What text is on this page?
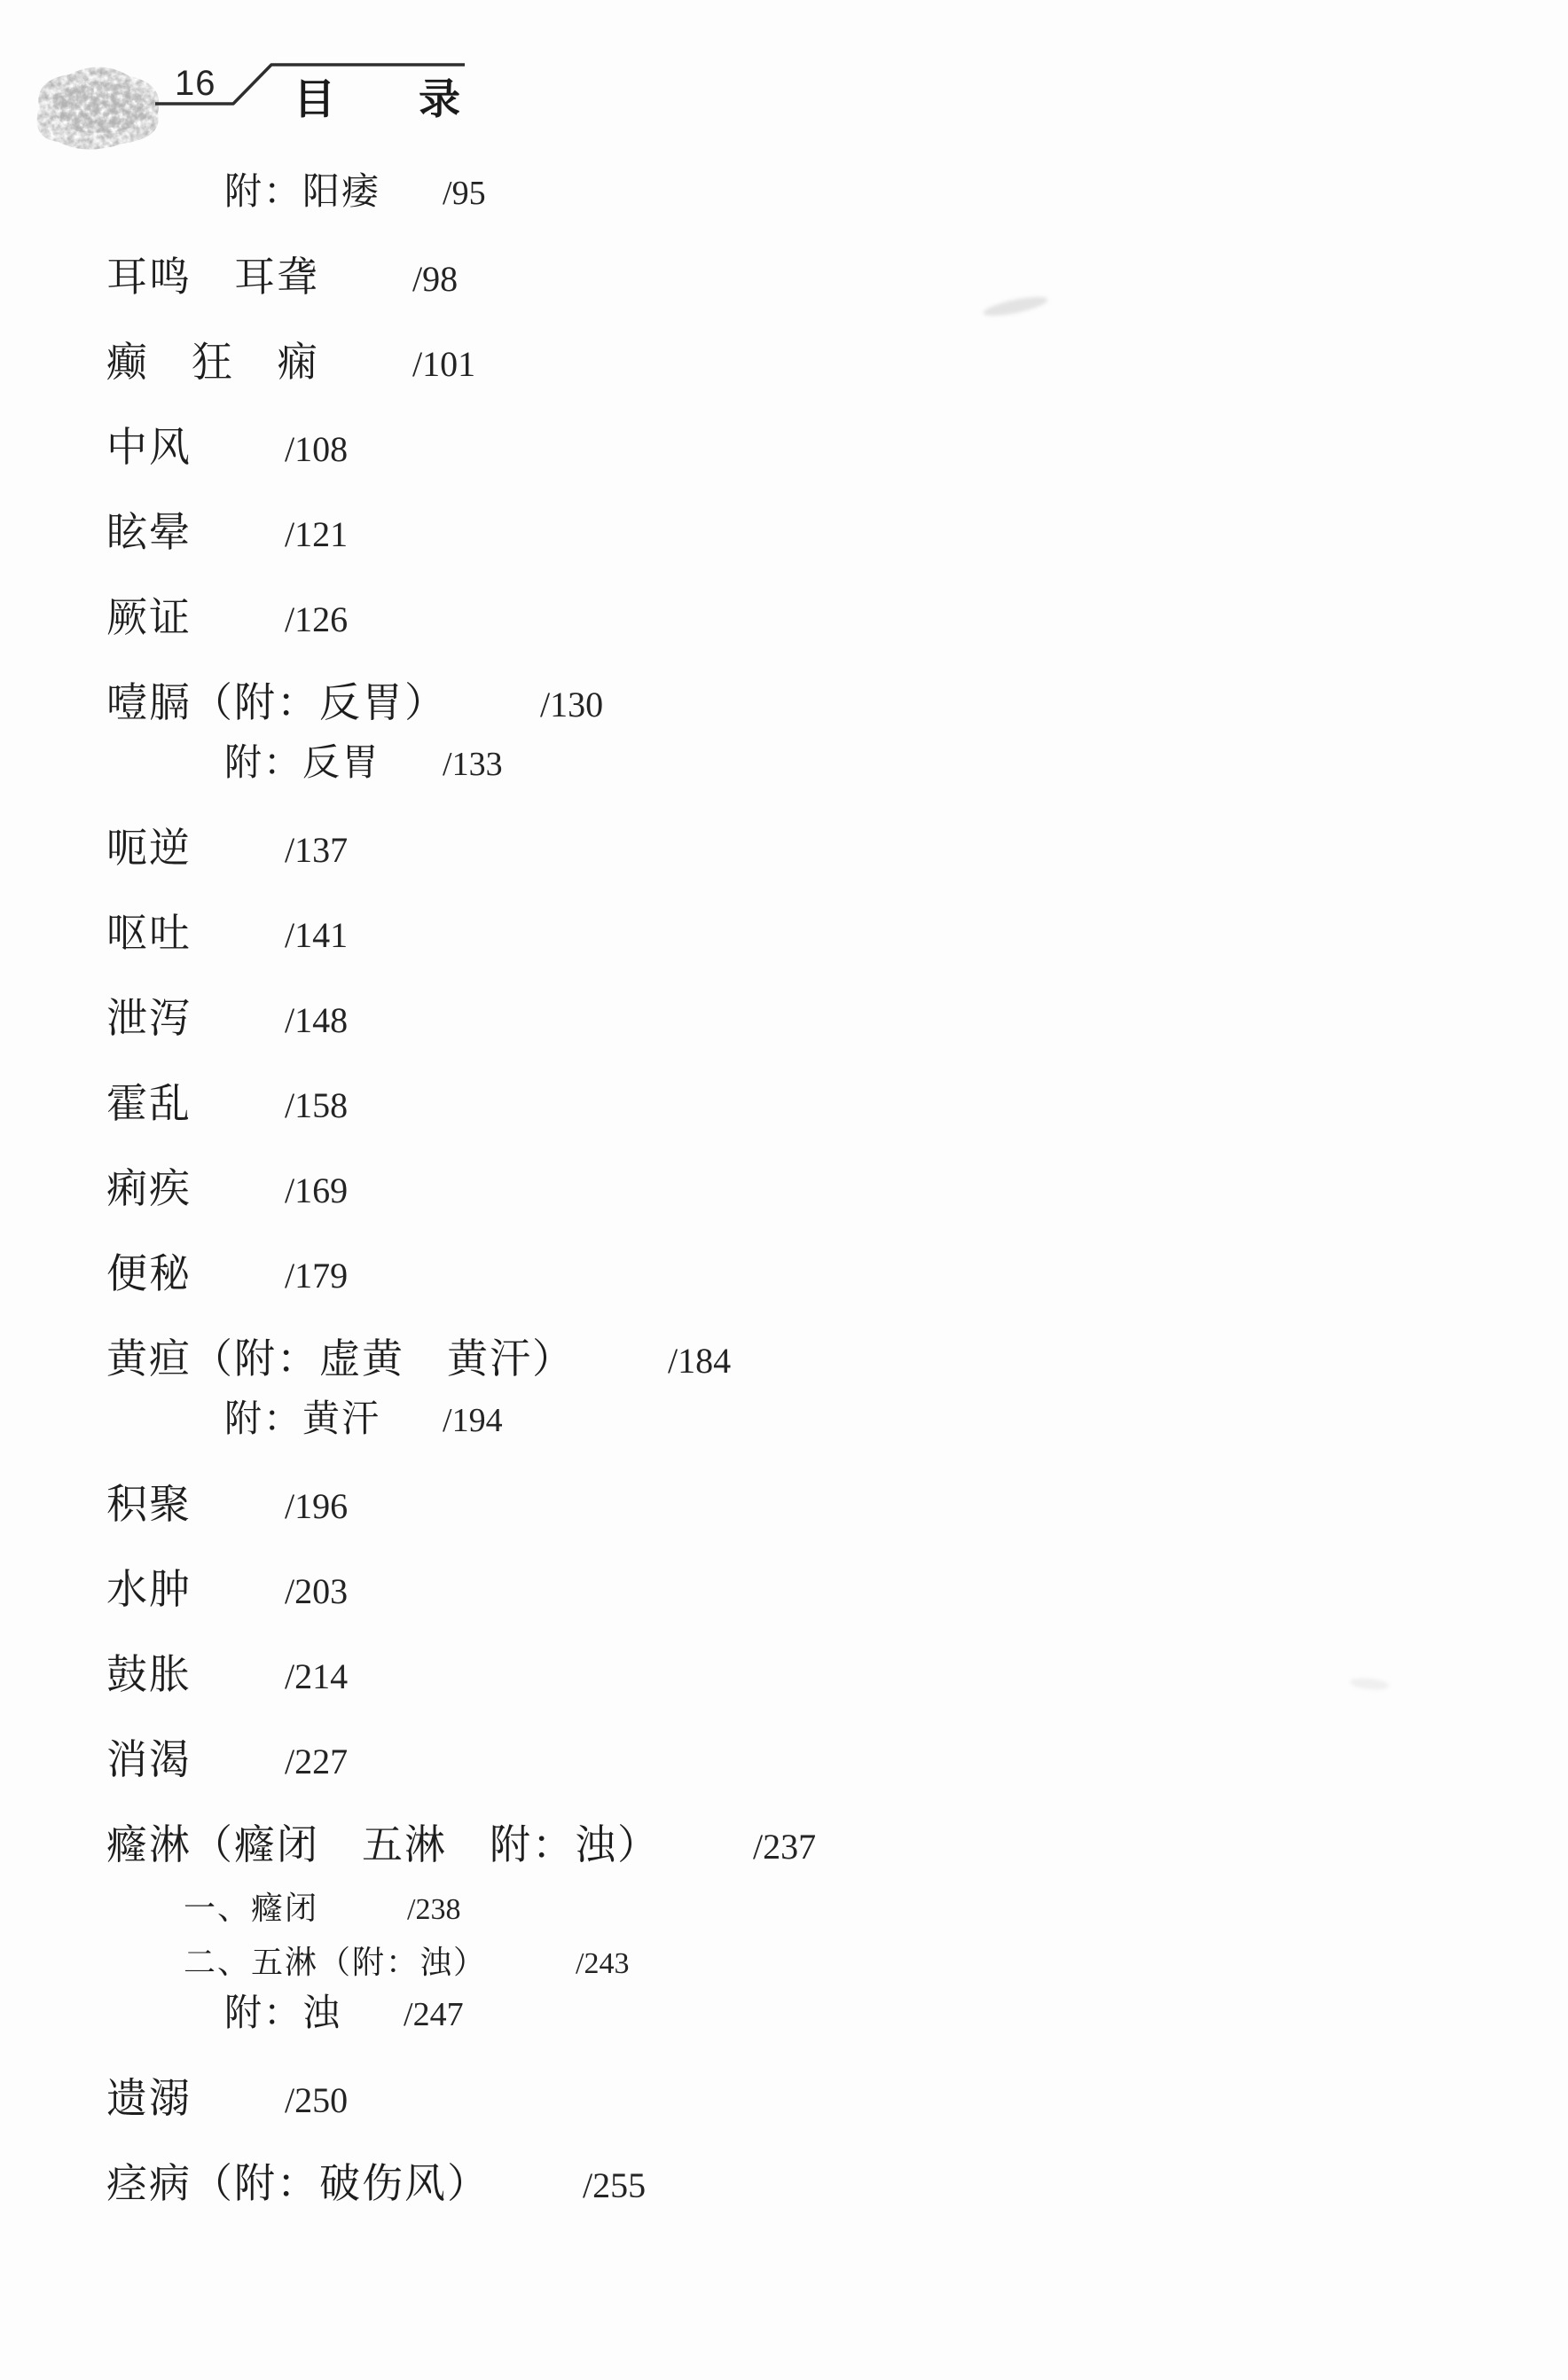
16 目　　录
附：阳痿 /95
耳鸣　耳聋	/98
癫　狂　痫	/101
中风	/108
眩晕	/121
厥证	/126
噎膈（附：反胃）	/130
附：反胃 /133
呃逆	/137
呕吐	/141
泄泻	/148
霍乱	/158
痢疾	/169
便秘	/179
黄疸（附：虚黄　黄汗）	/184
附：黄汗 /194
积聚	/196
水肿	/203
鼓胀	/214
消渴	/227
癃淋（癃闭　五淋　附：浊）	/237
一、癃闭	/238
二、五淋（附：浊）	/243
附：浊 /247
遗溺	/250
痉病（附：破伤风）	/255
